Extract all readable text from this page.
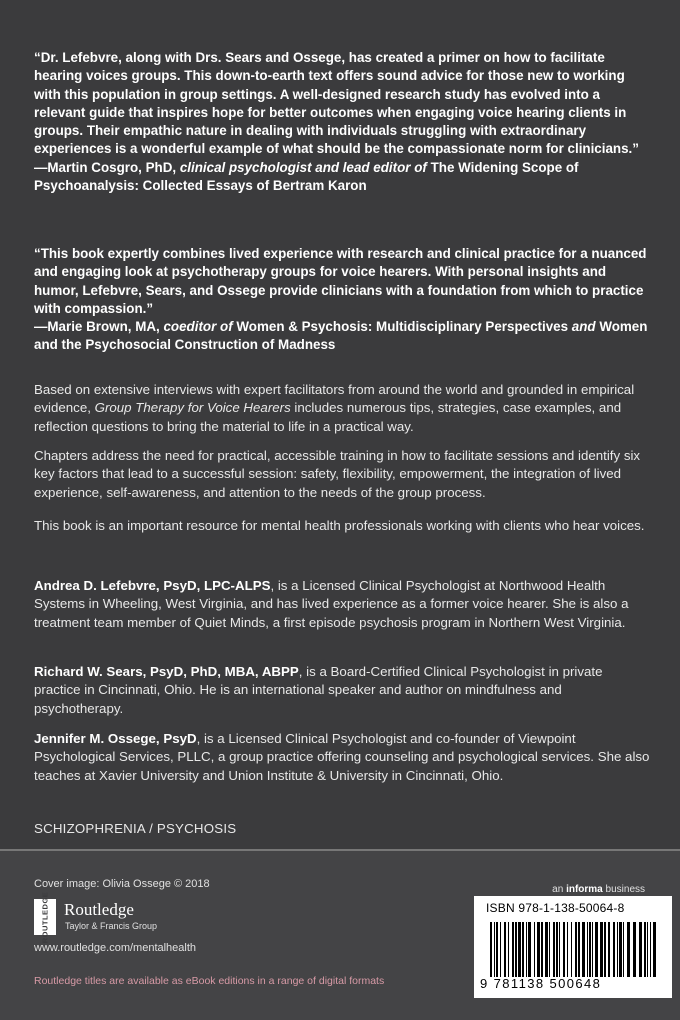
“Dr. Lefebvre, along with Drs. Sears and Ossege, has created a primer on how to facilitate hearing voices groups. This down-to-earth text offers sound advice for those new to working with this population in group settings. A well-designed research study has evolved into a relevant guide that inspires hope for better outcomes when engaging voice hearing clients in groups. Their empathic nature in dealing with individuals struggling with extraordinary experiences is a wonderful example of what should be the compassionate norm for clinicians.”

—Martin Cosgro, PhD, clinical psychologist and lead editor of The Widening Scope of Psychoanalysis: Collected Essays of Bertram Karon

“This book expertly combines lived experience with research and clinical practice for a nuanced and engaging look at psychotherapy groups for voice hearers. With personal insights and humor, Lefebvre, Sears, and Ossege provide clinicians with a foundation from which to practice with compassion.”

—Marie Brown, MA, coeditor of Women & Psychosis: Multidisciplinary Perspectives and Women and the Psychosocial Construction of Madness

Based on extensive interviews with expert facilitators from around the world and grounded in empirical evidence, Group Therapy for Voice Hearers includes numerous tips, strategies, case examples, and reflection questions to bring the material to life in a practical way.

Chapters address the need for practical, accessible training in how to facilitate sessions and identify six key factors that lead to a successful session: safety, flexibility, empowerment, the integration of lived experience, self-awareness, and attention to the needs of the group process.

This book is an important resource for mental health professionals working with clients who hear voices.

Andrea D. Lefebvre, PsyD, LPC-ALPS, is a Licensed Clinical Psychologist at Northwood Health Systems in Wheeling, West Virginia, and has lived experience as a former voice hearer. She is also a treatment team member of Quiet Minds, a first episode psychosis program in Northern West Virginia.

Richard W. Sears, PsyD, PhD, MBA, ABPP, is a Board-Certified Clinical Psychologist in private practice in Cincinnati, Ohio. He is an international speaker and author on mindfulness and psychotherapy.

Jennifer M. Ossege, PsyD, is a Licensed Clinical Psychologist and co-founder of Viewpoint Psychological Services, PLLC, a group practice offering counseling and psychological services. She also teaches at Xavier University and Union Institute & University in Cincinnati, Ohio.

SCHIZOPHRENIA / PSYCHOSIS
Cover image: Olivia Ossege © 2018
ROUTLEDGE Routledge
Taylor & Francis Group
www.routledge.com/mentalhealth
Routledge titles are available as eBook editions in a range of digital formats
an informa business
ISBN 978-1-138-50064-8
9 781138 500648
